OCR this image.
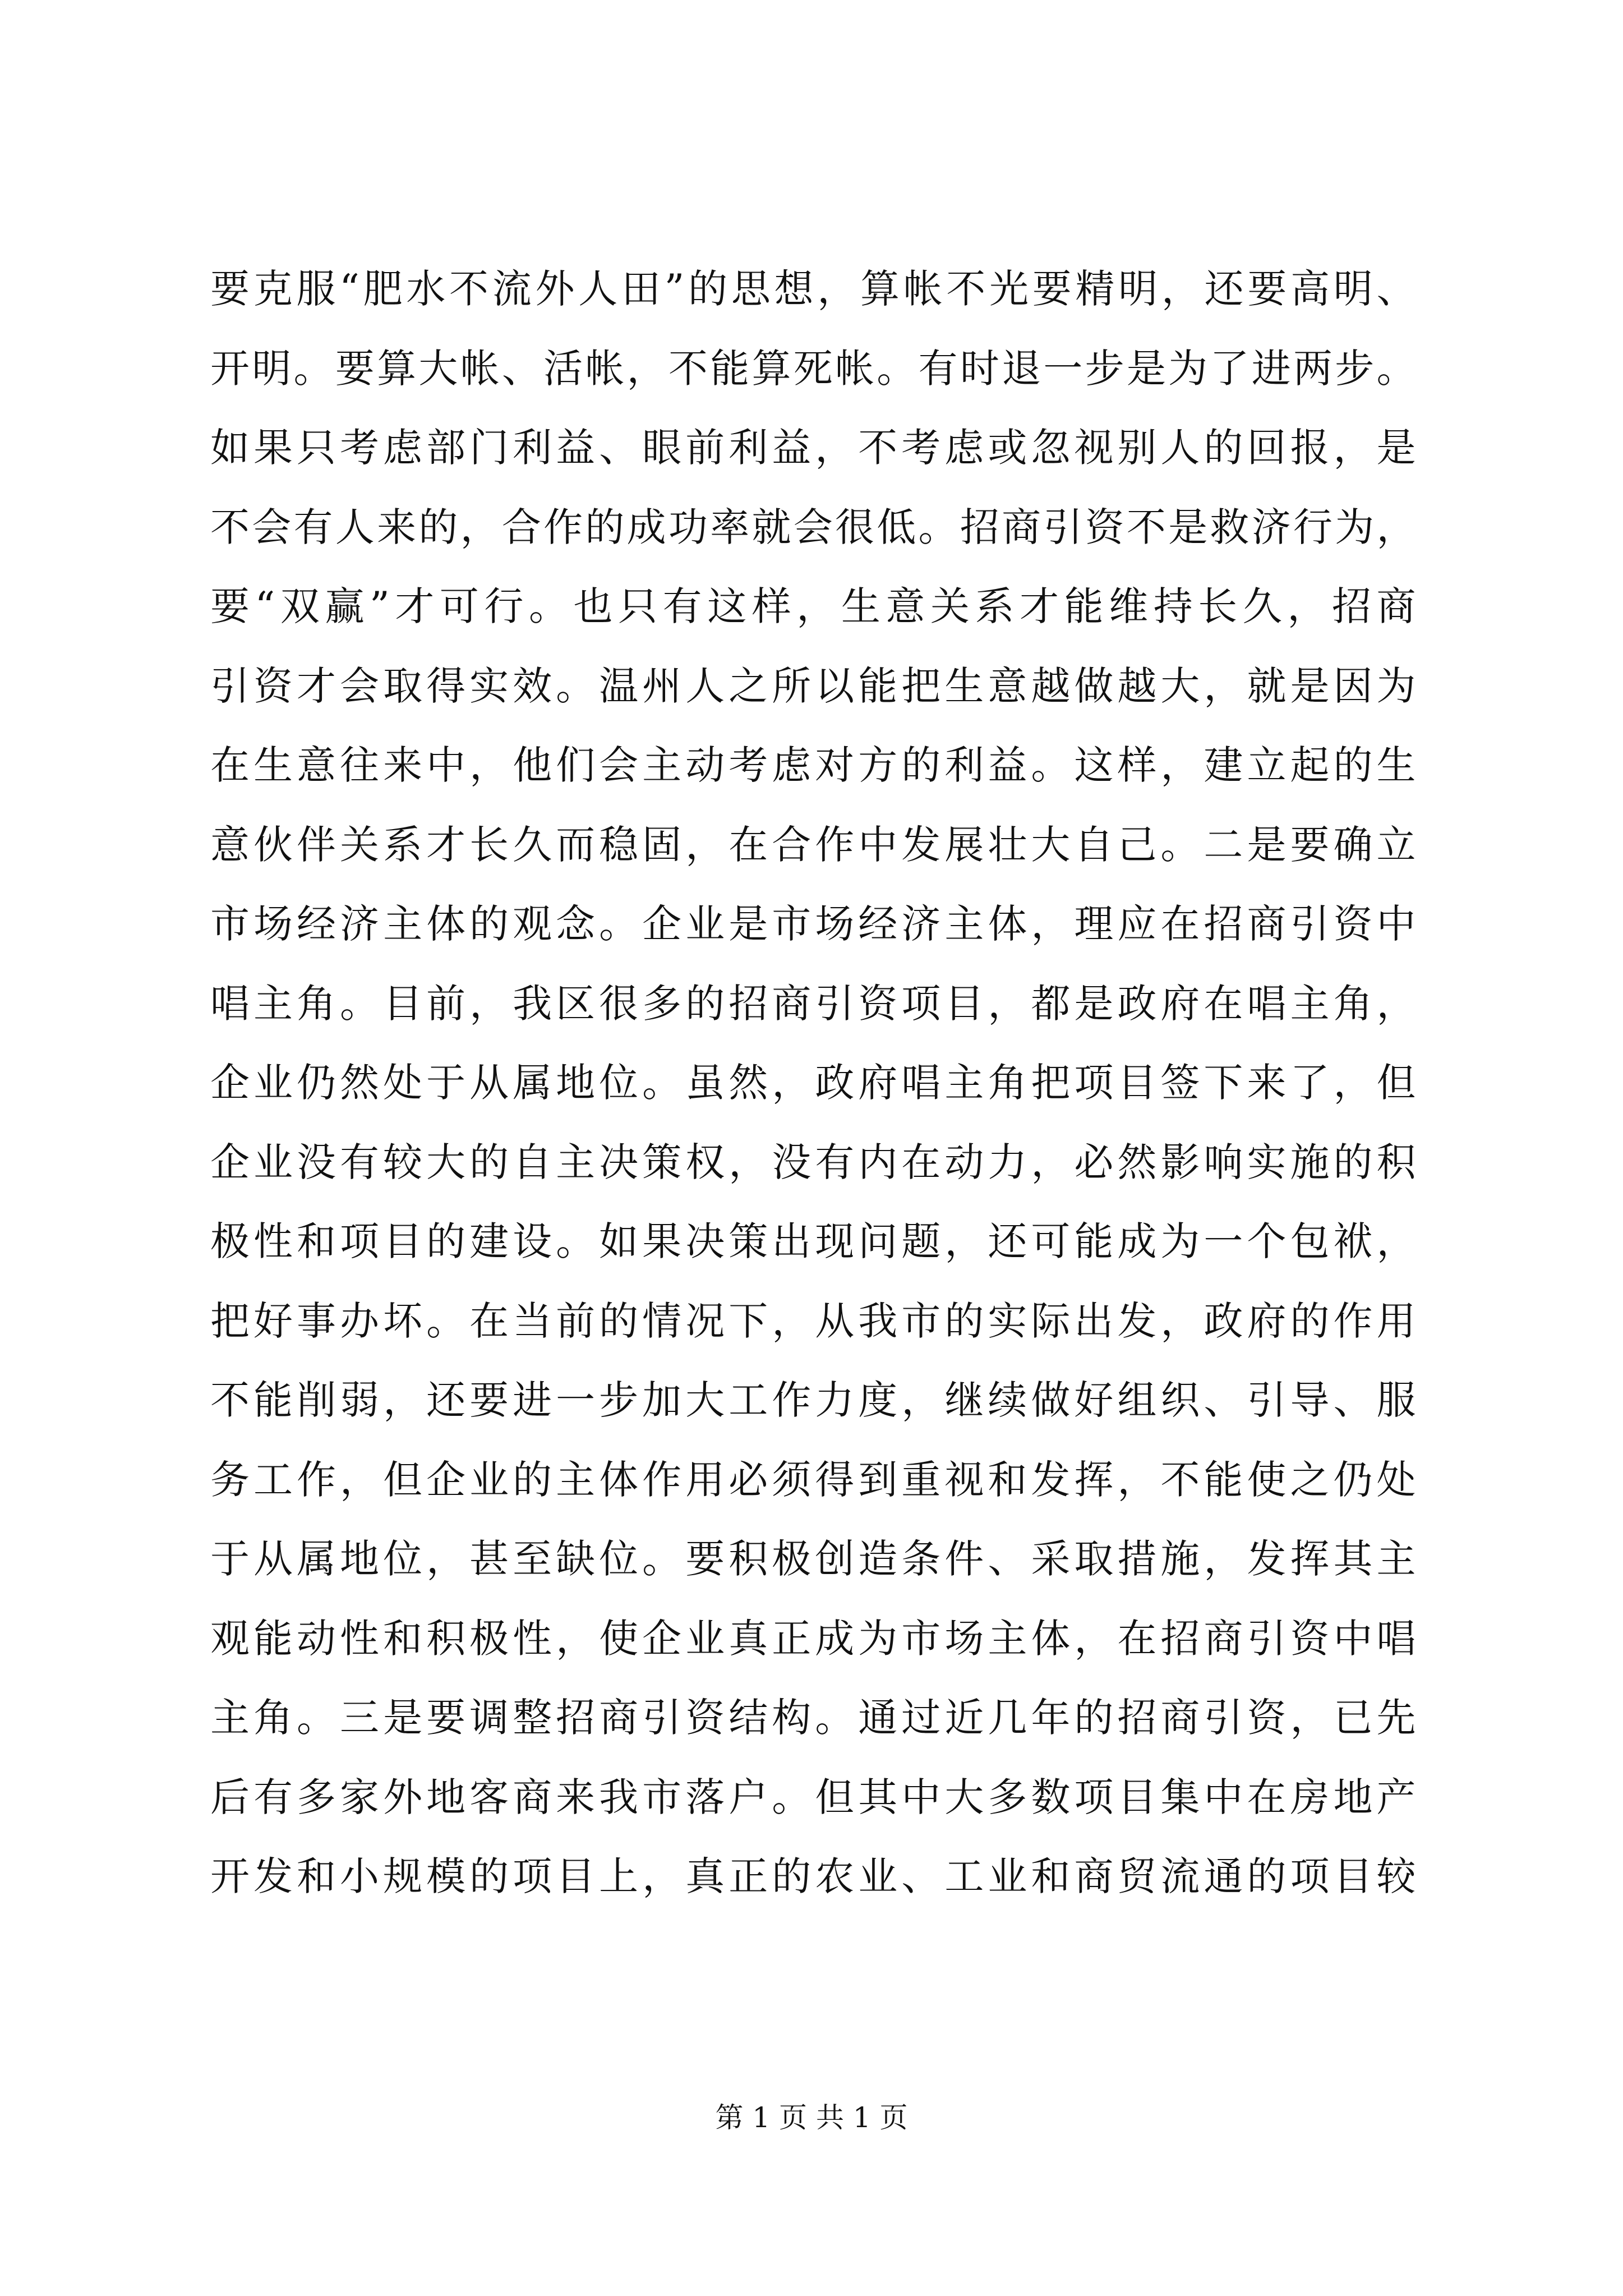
要克服“肥水不流外人田”的思想，算帐不光要精明，还要高明、
开明。要算大帐、活帐，不能算死帐。有时退一步是为了进两步。
如果只考虑部门利益、眼前利益，不考虑或忽视别人的回报，是
不会有人来的，合作的成功率就会很低。招商引资不是救济行为，
要“双赢”才可行。也只有这样，生意关系才能维持长久，招商
引资才会取得实效。温州人之所以能把生意越做越大，就是因为
在生意往来中，他们会主动考虑对方的利益。这样，建立起的生
意伙伴关系才长久而稳固，在合作中发展壮大自己。二是要确立
市场经济主体的观念。企业是市场经济主体，理应在招商引资中
唱主角。目前，我区很多的招商引资项目，都是政府在唱主角，
企业仍然处于从属地位。虽然，政府唱主角把项目签下来了，但
企业没有较大的自主决策权，没有内在动力，必然影响实施的积
极性和项目的建设。如果决策出现问题，还可能成为一个包袱，
把好事办坏。在当前的情况下，从我市的实际出发，政府的作用
不能削弱，还要进一步加大工作力度，继续做好组织、引导、服
务工作，但企业的主体作用必须得到重视和发挥，不能使之仍处
于从属地位，甚至缺位。要积极创造条件、采取措施，发挥其主
观能动性和积极性，使企业真正成为市场主体，在招商引资中唱
主角。三是要调整招商引资结构。通过近几年的招商引资，已先
后有多家外地客商来我市落户。但其中大多数项目集中在房地产
开发和小规模的项目上，真正的农业、工业和商贸流通的项目较
第 1 页 共 1 页
